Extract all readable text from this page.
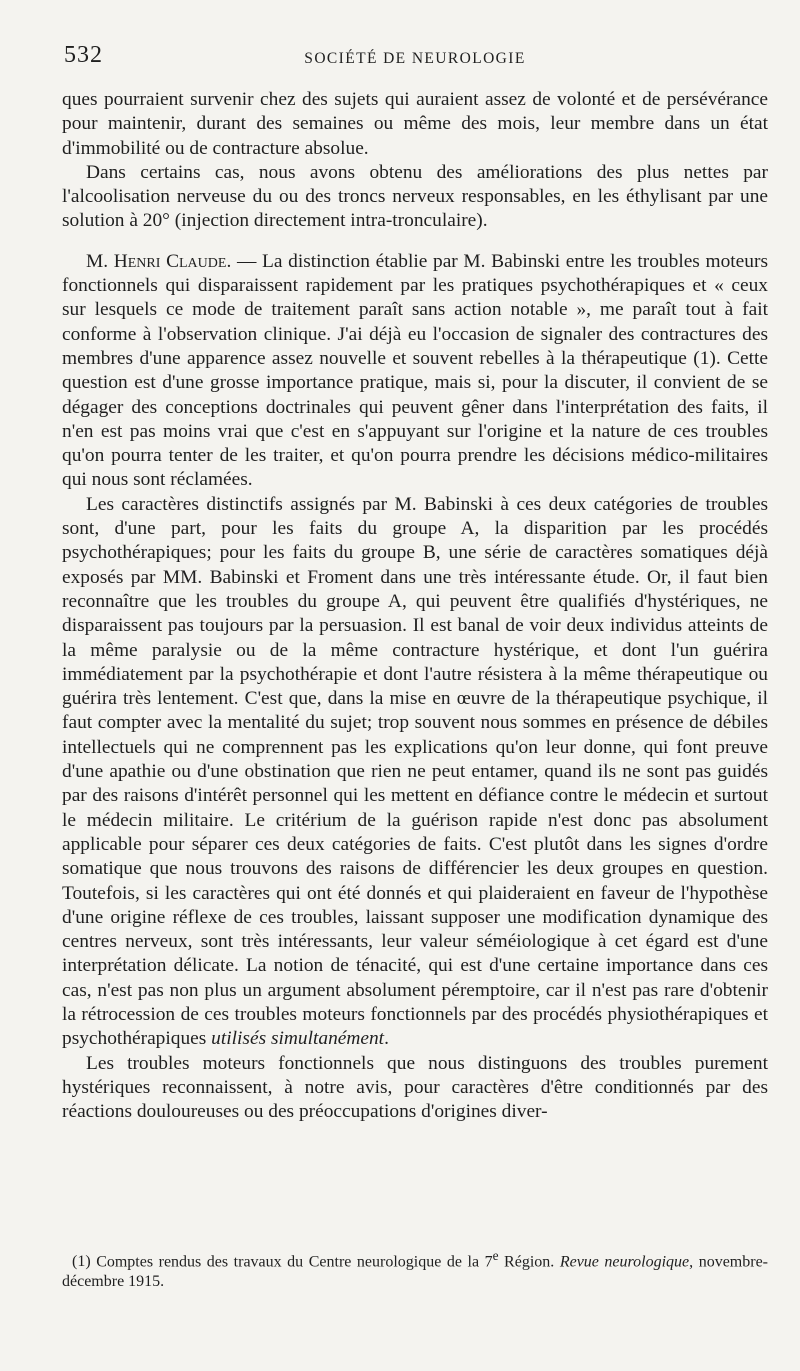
532	SOCIÉTÉ DE NEUROLOGIE

ques pourraient survenir chez des sujets qui auraient assez de volonté et de persévérance pour maintenir, durant des semaines ou même des mois, leur membre dans un état d'immobilité ou de contracture absolue.

Dans certains cas, nous avons obtenu des améliorations des plus nettes par l'alcoolisation nerveuse du ou des troncs nerveux responsables, en les éthylisant par une solution à 20° (injection directement intra-tronculaire).

M. Henri Claude. — La distinction établie par M. Babinski entre les troubles moteurs fonctionnels qui disparaissent rapidement par les pratiques psychothérapiques et « ceux sur lesquels ce mode de traitement paraît sans action notable », me paraît tout à fait conforme à l'observation clinique. J'ai déjà eu l'occasion de signaler des contractures des membres d'une apparence assez nouvelle et souvent rebelles à la thérapeutique (1). Cette question est d'une grosse importance pratique, mais si, pour la discuter, il convient de se dégager des conceptions doctrinales qui peuvent gêner dans l'interprétation des faits, il n'en est pas moins vrai que c'est en s'appuyant sur l'origine et la nature de ces troubles qu'on pourra tenter de les traiter, et qu'on pourra prendre les décisions médico-militaires qui nous sont réclamées.

Les caractères distinctifs assignés par M. Babinski à ces deux catégories de troubles sont, d'une part, pour les faits du groupe A, la disparition par les procédés psychothérapiques; pour les faits du groupe B, une série de caractères somatiques déjà exposés par MM. Babinski et Froment dans une très intéressante étude. Or, il faut bien reconnaître que les troubles du groupe A, qui peuvent être qualifiés d'hystériques, ne disparaissent pas toujours par la persuasion. Il est banal de voir deux individus atteints de la même paralysie ou de la même contracture hystérique, et dont l'un guérira immédiatement par la psychothérapie et dont l'autre résistera à la même thérapeutique ou guérira très lentement. C'est que, dans la mise en œuvre de la thérapeutique psychique, il faut compter avec la mentalité du sujet; trop souvent nous sommes en présence de débiles intellectuels qui ne comprennent pas les explications qu'on leur donne, qui font preuve d'une apathie ou d'une obstination que rien ne peut entamer, quand ils ne sont pas guidés par des raisons d'intérêt personnel qui les mettent en défiance contre le médecin et surtout le médecin militaire. Le critérium de la guérison rapide n'est donc pas absolument applicable pour séparer ces deux catégories de faits. C'est plutôt dans les signes d'ordre somatique que nous trouvons des raisons de différencier les deux groupes en question. Toutefois, si les caractères qui ont été donnés et qui plaideraient en faveur de l'hypothèse d'une origine réflexe de ces troubles, laissant supposer une modification dynamique des centres nerveux, sont très intéressants, leur valeur séméiologique à cet égard est d'une interprétation délicate. La notion de ténacité, qui est d'une certaine importance dans ces cas, n'est pas non plus un argument absolument péremptoire, car il n'est pas rare d'obtenir la rétrocession de ces troubles moteurs fonctionnels par des procédés physiothérapiques et psychothérapiques utilisés simultanément.

Les troubles moteurs fonctionnels que nous distinguons des troubles purement hystériques reconnaissent, à notre avis, pour caractères d'être conditionnés par des réactions douloureuses ou des préoccupations d'origines diver-

(1) Comptes rendus des travaux du Centre neurologique de la 7e Région. Revue neurologique, novembre-décembre 1915.
